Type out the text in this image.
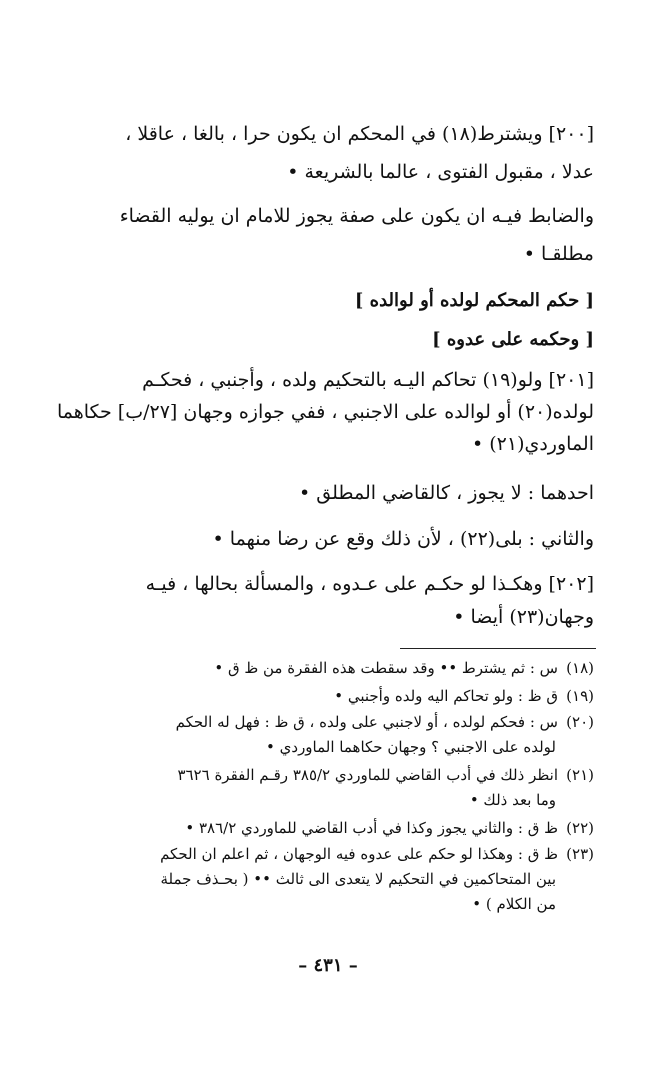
[٢٠٠] ويشترط(١٨) في المحكم ان يكون حرا ، بالغا ، عاقلا ،
عدلا ، مقبول الفتوى ، عالما بالشريعة •
والضابط فيـه ان يكون على صفة يجوز للامام ان يوليه القضاء
مطلقـا •
[ حكم المحكم لولده أو لوالده ]
[ وحكمه على عدوه ]
[٢٠١] ولو(١٩) تحاكم اليـه بالتحكيم ولده ، وأجنبي ، فحكـم
لولده(٢٠) أو لوالده على الاجنبي ، ففي جوازه وجهان [٢٧/ب] حكاهما
الماوردي(٢١) •
احدهما : لا يجوز ، كالقاضي المطلق •
والثاني : بلى(٢٢) ، لأن ذلك وقع عن رضا منهما •
[٢٠٢] وهكـذا لو حكـم على عـدوه ، والمسألة بحالها ، فيـه
وجهان(٢٣) أيضا •
(١٨)س : ثم يشترط •• وقد سقطت هذه الفقرة من ظ ق •
(١٩)ق ظ : ولو تحاكم اليه ولده وأجنبي •
(٢٠)س : فحكم لولده ، أو لاجنبي على ولده ، ق ظ : فهل له الحكم
لولده على الاجنبي ؟ وجهان حكاهما الماوردي •
(٢١)انظر ذلك في أدب القاضي للماوردي ٣٨٥/٢ رقـم الفقرة ٣٦٢٦
وما بعد ذلك •
(٢٢)ظ ق : والثاني يجوز وكذا في أدب القاضي للماوردي ٣٨٦/٢ •
(٢٣)ظ ق : وهكذا لو حكم على عدوه فيه الوجهان ، ثم اعلم ان الحكم
بين المتحاكمين في التحكيم لا يتعدى الى ثالث •• ( بحـذف جملة
من الكلام ) •
– ٤٣١ –
